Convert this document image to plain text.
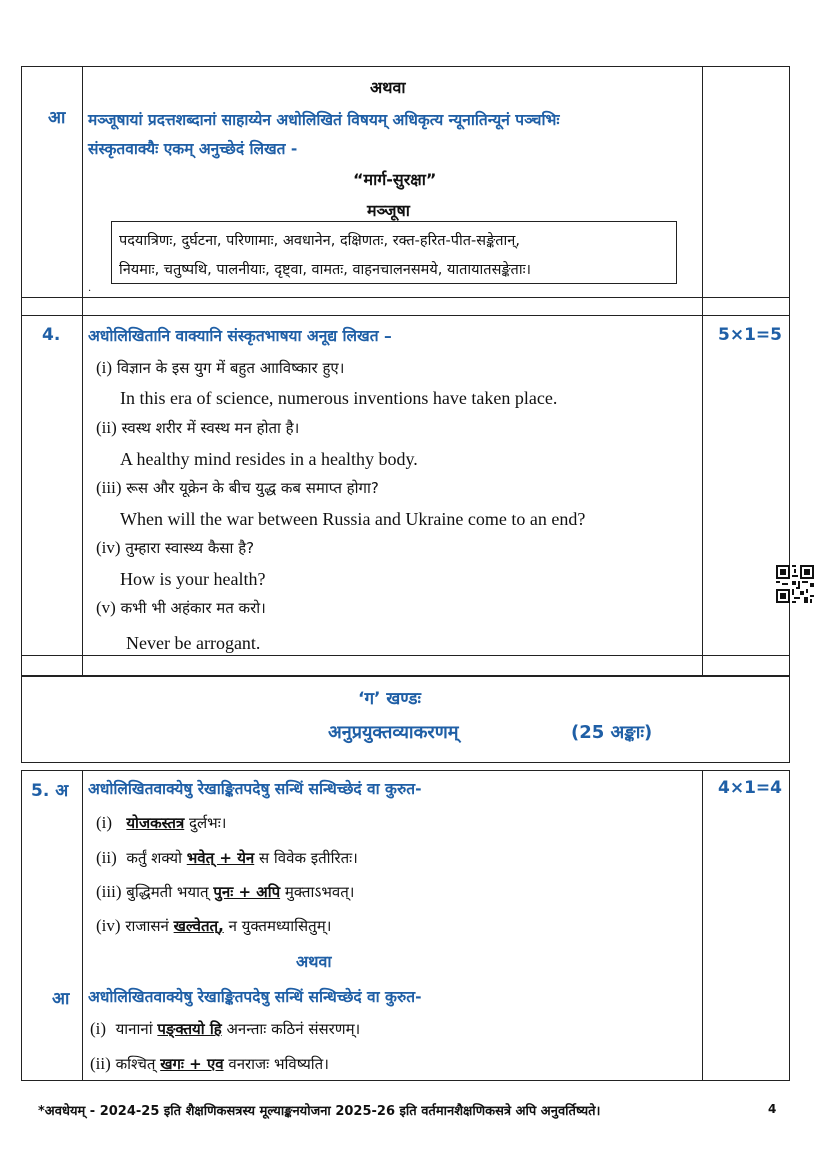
अथवा
आ मञ्जूषायां प्रदत्तशब्दानां साहाय्येन अधोलिखितं विषयम् अधिकृत्य न्यूनातिन्यूनं पञ्चभिः
संस्कृतवाक्यैः एकम् अनुच्छेदं लिखत -
“मार्ग-सुरक्षा”
मञ्जूषा
पदयात्रिणः, दुर्घटना, परिणामाः, अवधानेन, दक्षिणतः, रक्त-हरित-पीत-सङ्केतान्,
नियमाः, चतुष्पथि, पालनीयाः, दृष्ट्वा, वामतः, वाहनचालनसमये, यातायातसङ्केताः।
.
4. अधोलिखितानि वाक्यानि संस्कृतभाषया अनूद्य लिखत –	5×1=5
(i) विज्ञान के इस युग में बहुत आाविष्कार हुए।
In this era of science, numerous inventions have taken place.
(ii) स्वस्थ शरीर में स्वस्थ मन होता है।
A healthy mind resides in a healthy body.
(iii) रूस और यूक्रेन के बीच युद्ध कब समाप्त होगा?
When will the war between Russia and Ukraine come to an end?
(iv) तुम्हारा स्वास्थ्य कैसा है?
How is your health?
(v) कभी भी अहंकार मत करो।
Never be arrogant.
‘ग’ खण्डः
अनुप्रयुक्तव्याकरणम्	(25 अङ्काः)
5. अ अधोलिखितवाक्येषु रेखाङ्कितपदेषु सन्धिं सन्धिच्छेदं वा कुरुत-	4×1=4
(i) योजकस्तत्र दुर्लभः।
(ii) कर्तुं शक्यो भवेत् + येन स विवेक इतीरितः।
(iii) बुद्धिमती भयात् पुनः + अपि मुक्ताऽभवत्।
(iv) राजासनं खल्वेतत्, न युक्तमध्यासितुम्।
अथवा
आ अधोलिखितवाक्येषु रेखाङ्कितपदेषु सन्धिं सन्धिच्छेदं वा कुरुत-
(i) यानानां पङ्क्तयो हि अनन्ताः कठिनं संसरणम्।
(ii) कश्चित् खगः + एव वनराजः भविष्यति।
*अवधेयम् - 2024-25 इति शैक्षणिकसत्रस्य मूल्याङ्कनयोजना 2025-26 इति वर्तमानशैक्षणिकसत्रे अपि अनुवर्तिष्यते।	4
